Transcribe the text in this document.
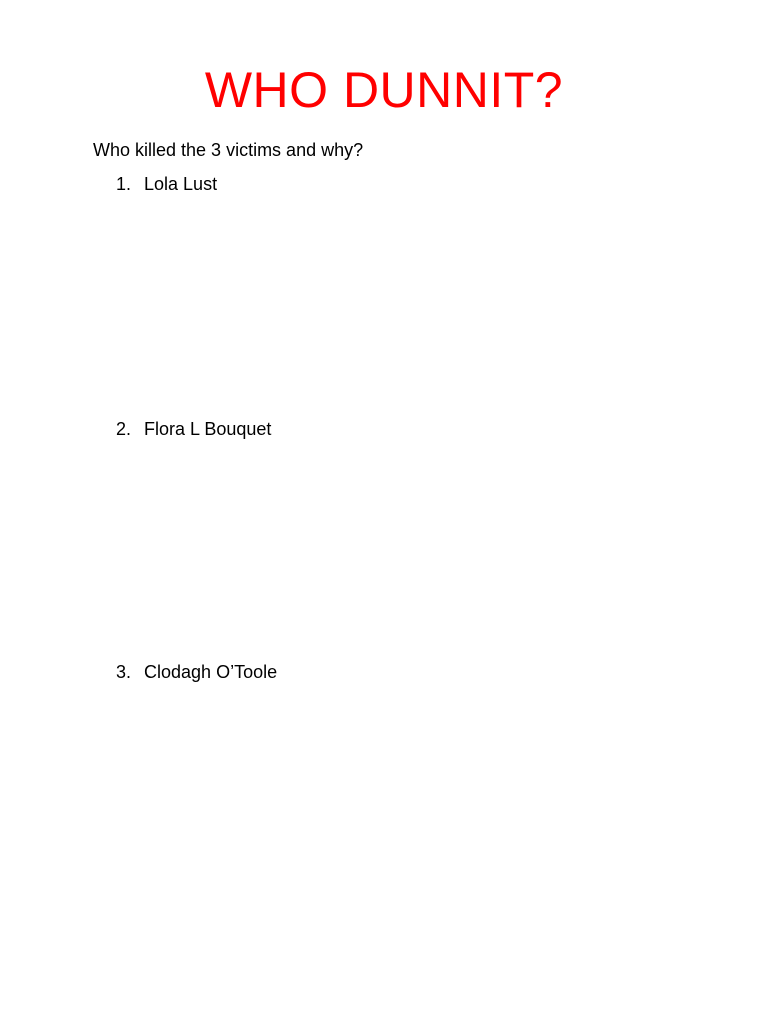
WHO DUNNIT?

Who killed the 3 victims and why?

1. Lola Lust
2. Flora L Bouquet
3. Clodagh O’Toole
